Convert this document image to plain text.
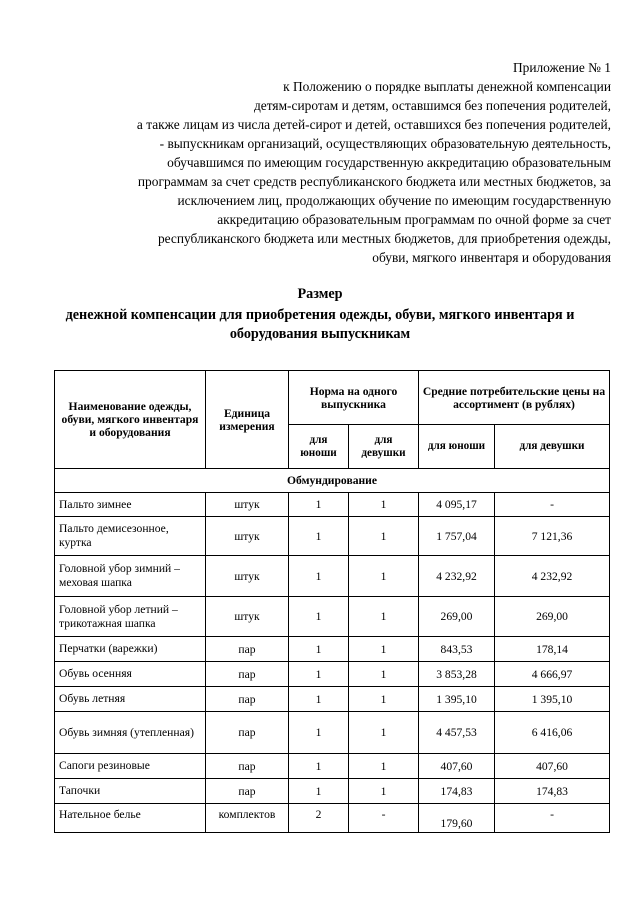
Приложение № 1
к Положению о порядке выплаты денежной компенсации
детям-сиротам и детям, оставшимся без попечения родителей,
а также лицам из числа детей-сирот и детей, оставшихся без попечения родителей,
- выпускникам организаций, осуществляющих образовательную деятельность,
обучавшимся по имеющим государственную аккредитацию образовательным
программам за счет средств республиканского бюджета или местных бюджетов, за
исключением лиц, продолжающих обучение по имеющим государственную
аккредитацию образовательным программам по очной форме за счет
республиканского бюджета или местных бюджетов, для приобретения одежды,
обуви, мягкого инвентаря и оборудования
Размер
денежной компенсации для приобретения одежды, обуви, мягкого инвентаря и
оборудования выпускникам
Наименование одежды, обуви, мягкого инвентаря и оборудования	Единица измерения	Норма на одного выпускника		Средние потребительские цены на ассортимент (в рублях)	
		для юноши	для девушки	для юноши	для девушки
Обмундирование					
Пальто зимнее	штук	1	1	4 095,17	-
Пальто демисезонное, куртка	штук	1	1	1 757,04	7 121,36
Головной убор зимний – меховая шапка	штук	1	1	4 232,92	4 232,92
Головной убор летний – трикотажная шапка	штук	1	1	269,00	269,00
Перчатки (варежки)	пар	1	1	843,53	178,14
Обувь осенняя	пар	1	1	3 853,28	4 666,97
Обувь летняя	пар	1	1	1 395,10	1 395,10
Обувь зимняя (утепленная)	пар	1	1	4 457,53	6 416,06
Сапоги резиновые	пар	1	1	407,60	407,60
Тапочки	пар	1	1	174,83	174,83
Нательное белье	комплектов	2	-	179,60	-
